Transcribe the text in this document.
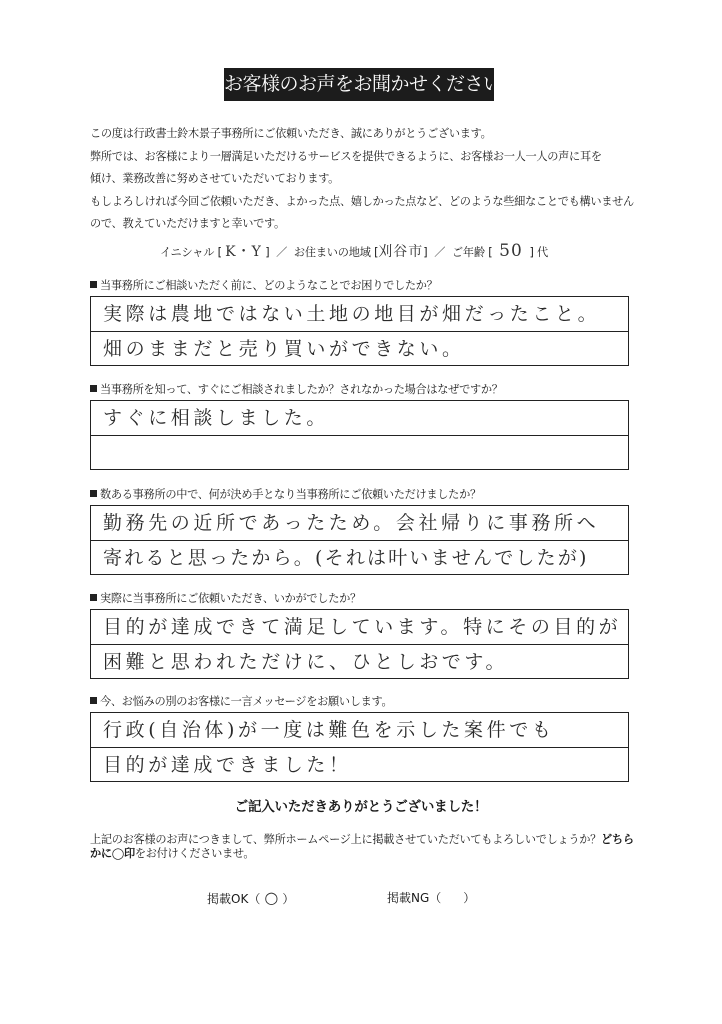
お客様のお声をお聞かせください
この度は行政書士鈴木景子事務所にご依頼いただき、誠にありがとうございます。
弊所では、お客様により一層満足いただけるサービスを提供できるように、お客様お一人一人の声に耳を
傾け、業務改善に努めさせていただいております。
もしよろしければ今回ご依頼いただき、よかった点、嬉しかった点など、どのような些細なことでも構いません
ので、教えていただけますと幸いです。
イニシャル [ K・Y ] ／ お住まいの地域 [刈谷市] ／ ご年齢 [ 50 ] 代
当事務所にご相談いただく前に、どのようなことでお困りでしたか？
実際は農地ではない土地の地目が畑だったこと。
畑のままだと売り買いができない。
当事務所を知って、すぐにご相談されましたか？されなかった場合はなぜですか？
すぐに相談しました。
数ある事務所の中で、何が決め手となり当事務所にご依頼いただけましたか？
勤務先の近所であったため。会社帰りに事務所へ
寄れると思ったから。(それは叶いませんでしたが)
実際に当事務所にご依頼いただき、いかがでしたか？
目的が達成できて満足しています。特にその目的が
困難と思われただけに、ひとしおです。
今、お悩みの別のお客様に一言メッセージをお願いします。
行政(自治体)が一度は難色を示した案件でも
目的が達成できました！
ご記入いただきありがとうございました！
上記のお客様のお声につきまして、弊所ホームページ上に掲載させていただいてもよろしいでしょうか？どちらかに◯印をお付けくださいませ。
掲載OK（ ○ ）	掲載NG（ ）
